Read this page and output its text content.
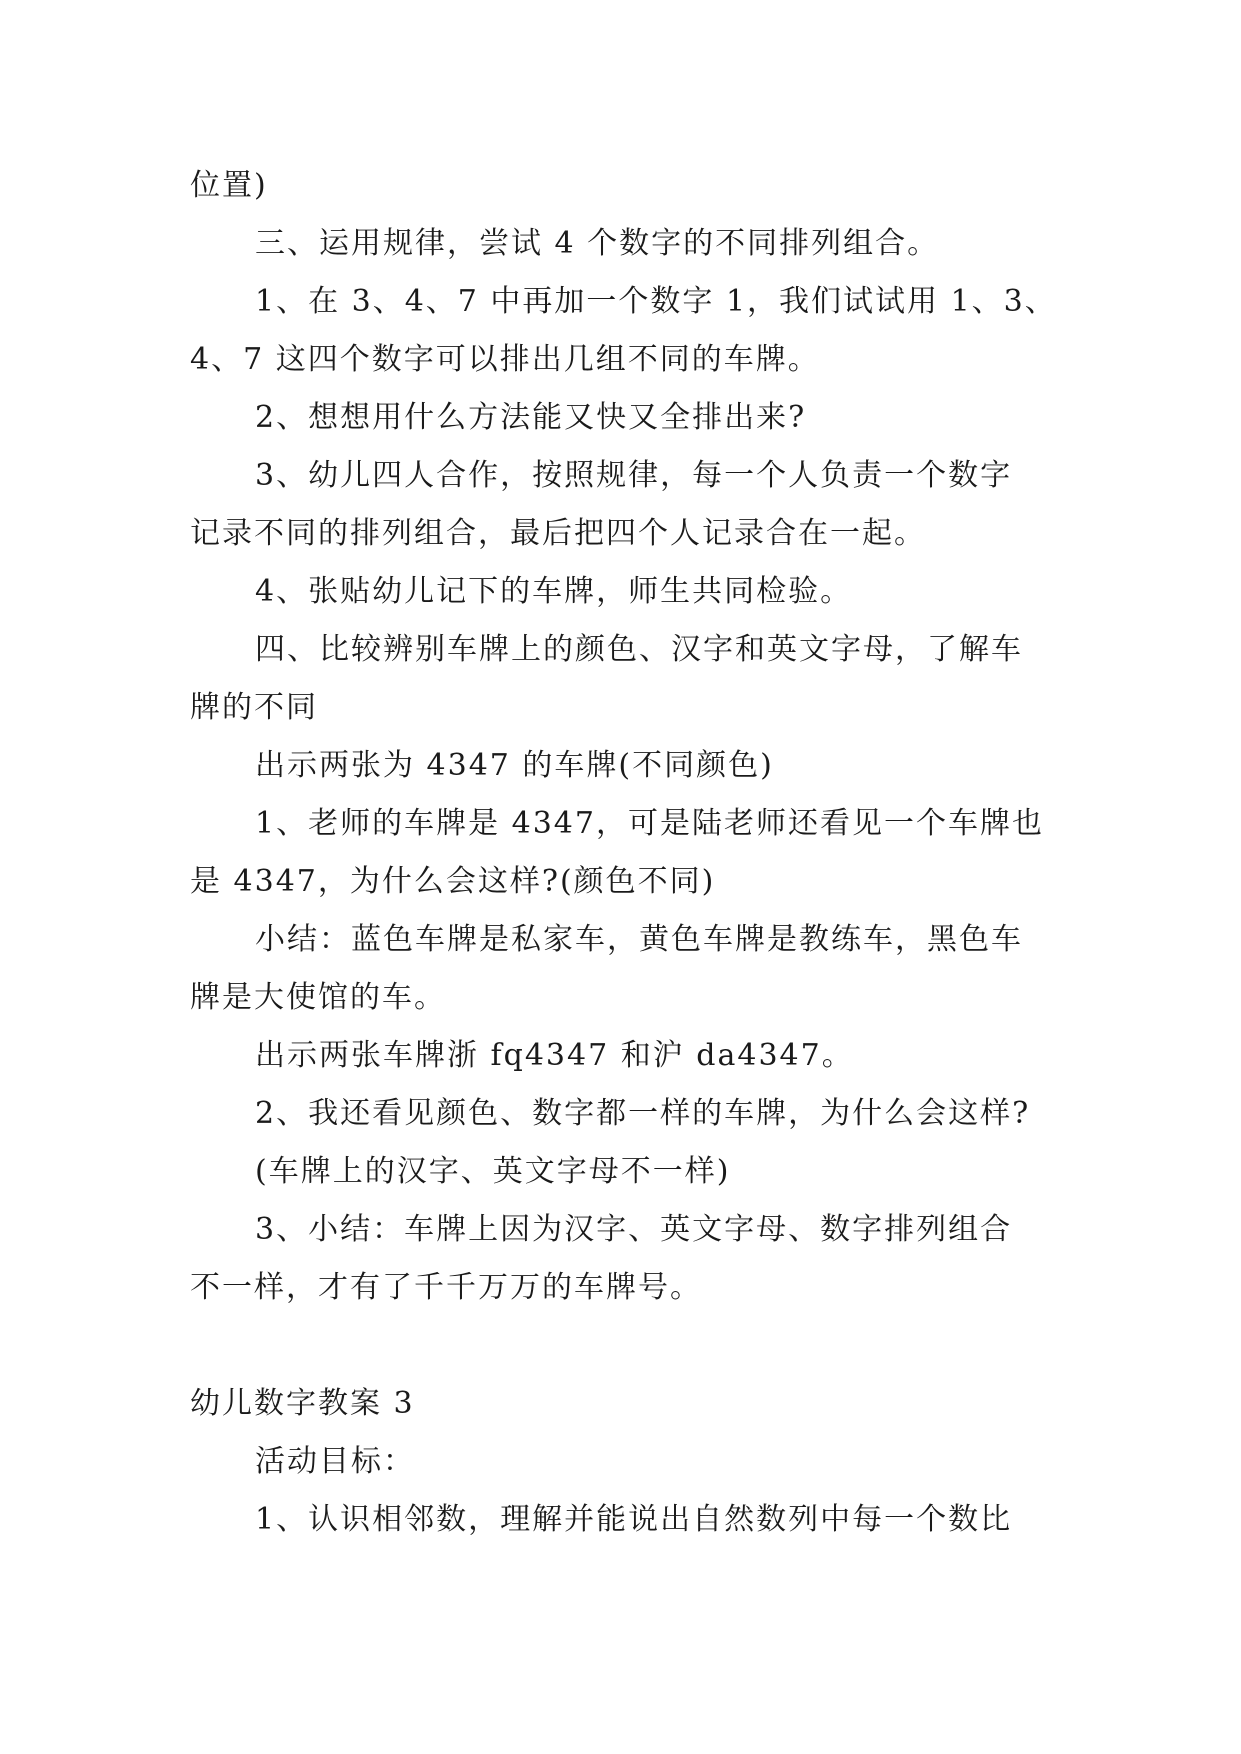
位置)
三、运用规律，尝试 4 个数字的不同排列组合。
1、在 3、4、7 中再加一个数字 1，我们试试用 1、3、
4、7 这四个数字可以排出几组不同的车牌。
2、想想用什么方法能又快又全排出来?
3、幼儿四人合作，按照规律，每一个人负责一个数字
记录不同的排列组合，最后把四个人记录合在一起。
4、张贴幼儿记下的车牌，师生共同检验。
四、比较辨别车牌上的颜色、汉字和英文字母，了解车
牌的不同
出示两张为 4347 的车牌(不同颜色)
1、老师的车牌是 4347，可是陆老师还看见一个车牌也
是 4347，为什么会这样?(颜色不同)
小结：蓝色车牌是私家车，黄色车牌是教练车，黑色车
牌是大使馆的车。
出示两张车牌浙 fq4347 和沪 da4347。
2、我还看见颜色、数字都一样的车牌，为什么会这样?
(车牌上的汉字、英文字母不一样)
3、小结：车牌上因为汉字、英文字母、数字排列组合
不一样，才有了千千万万的车牌号。
幼儿数字教案 3
活动目标：
1、认识相邻数，理解并能说出自然数列中每一个数比
